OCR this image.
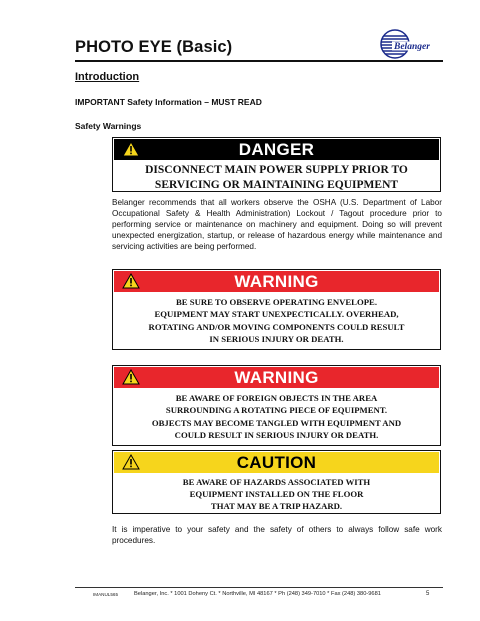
PHOTO EYE (Basic)	Belanger
Introduction
IMPORTANT Safety Information – MUST READ
Safety Warnings
DANGER
DISCONNECT MAIN POWER SUPPLY PRIOR TO
SERVICING OR MAINTAINING EQUIPMENT
Belanger recommends that all workers observe the OSHA (U.S. Department of Labor Occupational Safety & Health Administration) Lockout / Tagout procedure prior to performing service or maintenance on machinery and equipment. Doing so will prevent unexpected energization, startup, or release of hazardous energy while maintenance and servicing activities are being performed.
WARNING
BE SURE TO OBSERVE OPERATING ENVELOPE.
EQUIPMENT MAY START UNEXPECTICALLY. OVERHEAD,
ROTATING AND/OR MOVING COMPONENTS COULD RESULT
IN SERIOUS INJURY OR DEATH.
WARNING
BE AWARE OF FOREIGN OBJECTS IN THE AREA
SURROUNDING A ROTATING PIECE OF EQUIPMENT.
OBJECTS MAY BECOME TANGLED WITH EQUIPMENT AND
COULD RESULT IN SERIOUS INJURY OR DEATH.
CAUTION
BE AWARE OF HAZARDS ASSOCIATED WITH
EQUIPMENT INSTALLED ON THE FLOOR
THAT MAY BE A TRIP HAZARD.
It is imperative to your safety and the safety of others to always follow safe work procedures.
IMANUL565	Belanger, Inc. * 1001 Doheny Ct. * Northville, MI 48167 * Ph (248) 349-7010 * Fax (248) 380-9681	5
